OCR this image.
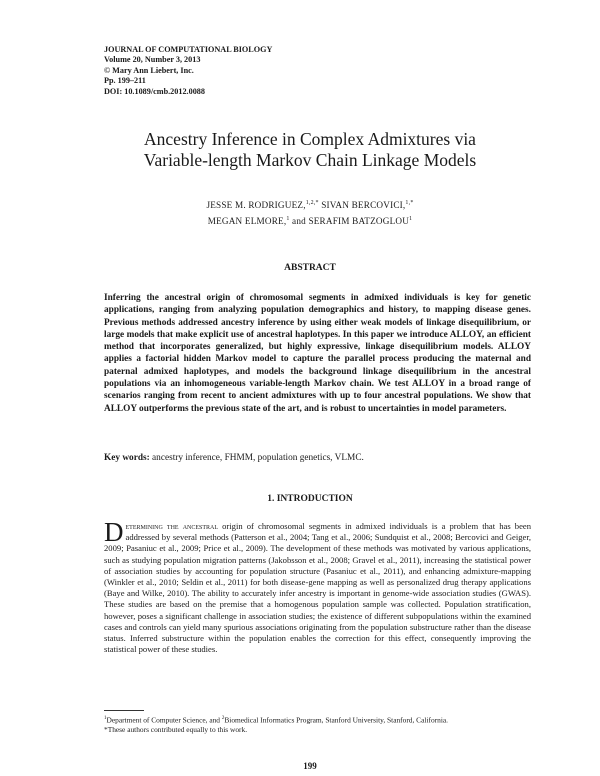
JOURNAL OF COMPUTATIONAL BIOLOGY
Volume 20, Number 3, 2013
© Mary Ann Liebert, Inc.
Pp. 199–211
DOI: 10.1089/cmb.2012.0088
Ancestry Inference in Complex Admixtures via
Variable-length Markov Chain Linkage Models
JESSE M. RODRIGUEZ,$^{1,2,*}$ SIVAN BERCOVICI,$^{1,*}$
MEGAN ELMORE,$^1$ and SERAFIM BATZOGLOU$^1$
ABSTRACT
Inferring the ancestral origin of chromosomal segments in admixed individuals is key for genetic applications, ranging from analyzing population demographics and history, to mapping disease genes. Previous methods addressed ancestry inference by using either weak models of linkage disequilibrium, or large models that make explicit use of ancestral haplotypes. In this paper we introduce ALLOY, an efficient method that incorporates generalized, but highly expressive, linkage disequilibrium models. ALLOY applies a factorial hidden Markov model to capture the parallel process producing the maternal and paternal admixed haplotypes, and models the background linkage disequilibrium in the ancestral populations via an inhomogeneous variable-length Markov chain. We test ALLOY in a broad range of scenarios ranging from recent to ancient admixtures with up to four ancestral populations. We show that ALLOY outperforms the previous state of the art, and is robust to uncertainties in model parameters.
Key words: ancestry inference, FHMM, population genetics, VLMC.
1. INTRODUCTION
Determining the ancestral origin of chromosomal segments in admixed individuals is a problem that has been addressed by several methods (Patterson et al., 2004; Tang et al., 2006; Sundquist et al., 2008; Bercovici and Geiger, 2009; Pasaniuc et al., 2009; Price et al., 2009). The development of these methods was motivated by various applications, such as studying population migration patterns (Jakobsson et al., 2008; Gravel et al., 2011), increasing the statistical power of association studies by accounting for population structure (Pasaniuc et al., 2011), and enhancing admixture-mapping (Winkler et al., 2010; Seldin et al., 2011) for both disease-gene mapping as well as personalized drug therapy applications (Baye and Wilke, 2010). The ability to accurately infer ancestry is important in genome-wide association studies (GWAS). These studies are based on the premise that a homogenous population sample was collected. Population stratification, however, poses a significant challenge in association studies; the existence of different subpopulations within the examined cases and controls can yield many spurious associations originating from the population substructure rather than the disease status. Inferred substructure within the population enables the correction for this effect, consequently improving the statistical power of these studies.
$^1$Department of Computer Science, and $^2$Biomedical Informatics Program, Stanford University, Stanford, California.
*These authors contributed equally to this work.
199
